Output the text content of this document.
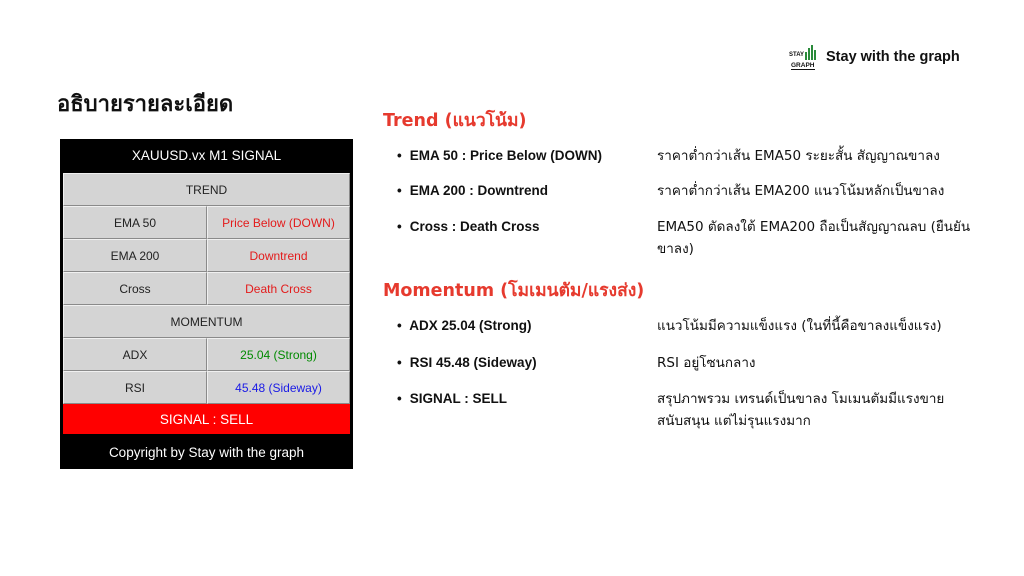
STAY
GRAPH
Stay with the graph
อธิบายรายละเอียด
XAUUSD.vx M1 SIGNAL
TREND
EMA 50	Price Below (DOWN)
EMA 200	Downtrend
Cross	Death Cross
MOMENTUM
ADX	25.04 (Strong)
RSI	45.48 (Sideway)
SIGNAL : SELL
Copyright by Stay with the graph
Trend (แนวโน้ม)
• EMA 50 : Price Below (DOWN)	ราคาต่ำกว่าเส้น EMA50 ระยะสั้น สัญญาณขาลง
• EMA 200 : Downtrend	ราคาต่ำกว่าเส้น EMA200 แนวโน้มหลักเป็นขาลง
• Cross : Death Cross	EMA50 ตัดลงใต้ EMA200 ถือเป็นสัญญาณลบ (ยืนยันขาลง)
Momentum (โมเมนตัม/แรงส่ง)
• ADX 25.04 (Strong)	แนวโน้มมีความแข็งแรง (ในที่นี้คือขาลงแข็งแรง)
• RSI 45.48 (Sideway)	RSI อยู่โซนกลาง
• SIGNAL : SELL	สรุปภาพรวม เทรนด์เป็นขาลง โมเมนตัมมีแรงขาย สนับสนุน แต่ไม่รุนแรงมาก
